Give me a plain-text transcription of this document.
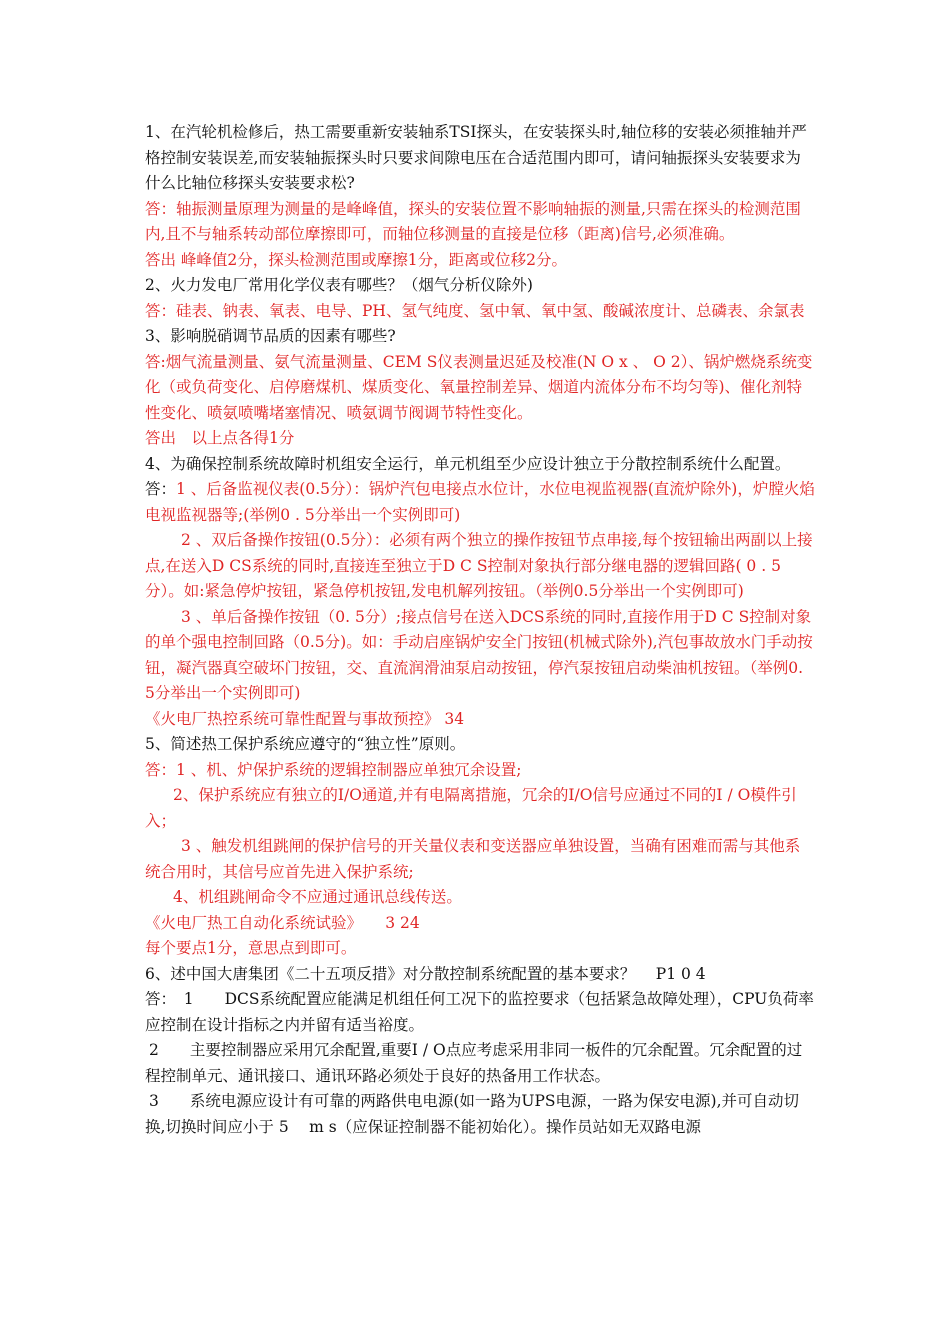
1、在汽轮机检修后，热工需要重新安装轴系TSI探头，在安装探头时,轴位移的安装必须推轴并严格控制安装误差,而安装轴振探头时只要求间隙电压在合适范围内即可，请问轴振探头安装要求为什么比轴位移探头安装要求松?

答：轴振测量原理为测量的是峰峰值，探头的安装位置不影响轴振的测量,只需在探头的检测范围内,且不与轴系转动部位摩擦即可，而轴位移测量的直接是位移（距离)信号,必须准确。

答出 峰峰值2分，探头检测范围或摩擦1分，距离或位移2分。

2、火力发电厂常用化学仪表有哪些？（烟气分析仪除外)

答：硅表、钠表、氧表、电导、PH、氢气纯度、氢中氧、氧中氢、酸碱浓度计、总磷表、余氯表

3、影响脱硝调节品质的因素有哪些?

答:烟气流量测量、氨气流量测量、CEM S仪表测量迟延及校准(N O x 、 O 2）、锅炉燃烧系统变化（或负荷变化、启停磨煤机、煤质变化、氧量控制差异、烟道内流体分布不均匀等)、催化剂特性变化、喷氨喷嘴堵塞情况、喷氨调节阀调节特性变化。

答出　以上点各得1分

4、为确保控制系统故障时机组安全运行，单元机组至少应设计独立于分散控制系统什么配置。

答：1 、后备监视仪表(0.5分）：锅炉汽包电接点水位计，水位电视监视器(直流炉除外)，炉膛火焰电视监视器等;(举例0 . 5分举出一个实例即可)

2 、双后备操作按钮(0.5分）：必须有两个独立的操作按钮节点串接,每个按钮输出两副以上接点,在送入D CS系统的同时,直接连至独立于D C S控制对象执行部分继电器的逻辑回路( 0 . 5 分）。如:紧急停炉按钮，紧急停机按钮,发电机解列按钮。（举例0.5分举出一个实例即可)

3 、单后备操作按钮（0. 5分）;接点信号在送入DCS系统的同时,直接作用于D C S控制对象的单个强电控制回路（0.5分)。如：手动启座锅炉安全门按钮(机械式除外),汽包事故放水门手动按钮，凝汽器真空破坏门按钮，交、直流润滑油泵启动按钮，停汽泵按钮启动柴油机按钮。（举例0. 5分举出一个实例即可)

《火电厂热控系统可靠性配置与事故预控》 34

5、简述热工保护系统应遵守的“独立性”原则。

答：1 、机、炉保护系统的逻辑控制器应单独冗余设置;

2、保护系统应有独立的I/O通道,并有电隔离措施，冗余的I/O信号应通过不同的I / O模件引入；

3 、触发机组跳闸的保护信号的开关量仪表和变送器应单独设置，当确有困难而需与其他系统合用时，其信号应首先进入保护系统;

4、机组跳闸命令不应通过通讯总线传送。

《火电厂热工自动化系统试验》　　3 24

每个要点1分，意思点到即可。

6、述中国大唐集团《二十五项反措》对分散控制系统配置的基本要求？　 P1 0 4

答：　1　　DCS系统配置应能满足机组任何工况下的监控要求（包括紧急故障处理），CPU负荷率应控制在设计指标之内并留有适当裕度。

2　　主要控制器应采用冗余配置,重要I / O点应考虑采用非同一板件的冗余配置。冗余配置的过程控制单元、通讯接口、通讯环路必须处于良好的热备用工作状态。

3　　系统电源应设计有可靠的两路供电电源(如一路为UPS电源，一路为保安电源),并可自动切换,切换时间应小于 5　 m s（应保证控制器不能初始化）。操作员站如无双路电源
